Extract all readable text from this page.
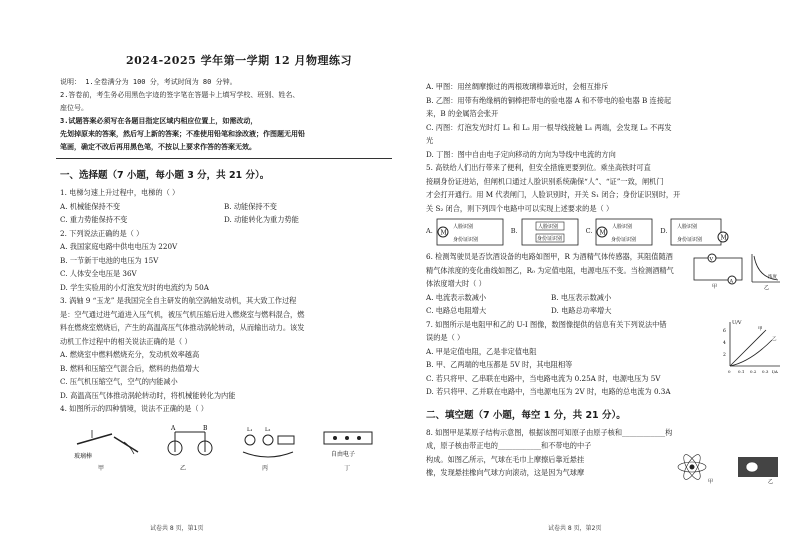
2024-2025 学年第一学期 12 月物理练习
说明： 1.全卷满分为 100 分，考试时间为 80 分钟。
2.答卷前，考生务必用黑色字迹的签字笔在答题卡上填写学校、班别、姓名、
座位号。
3.试题答案必须写在各题目指定区域内相应位置上，如需改动，
先划掉原来的答案，然后写上新的答案；不准使用铅笔和涂改液；作图题无用铅
笔画，确定不改后再用黑色笔，不按以上要求作答的答案无效。
一、选择题（7 小题，每小题 3 分，共 21 分）。
1. 电梯匀速上升过程中，电梯的（ ）
A. 机械能保持不变	B. 动能保持不变
C. 重力势能保持不变	D. 动能转化为重力势能
2. 下列说法正确的是（ ）
A. 我国家庭电路中供电电压为 220V
B. 一节新干电池的电压为 15V
C. 人体安全电压是 36V
D. 学生实验用的小灯泡发光时的电流约为 50A
3. 涡轴 9 “玉龙” 是我国完全自主研发的航空涡轴发动机，其大致工作过程
是：空气通过进气道进入压气机，被压气机压缩后进入燃烧室与燃料混合，燃
料在燃烧室燃烧后，产生的高温高压气体推动涡轮转动，从而输出动力。该发
动机工作过程中的相关说法正确的是（ ）
A. 燃烧室中燃料燃烧充分，发动机效率越高
B. 燃料和压缩空气混合后，燃料的热值增大
C. 压气机压缩空气，空气的内能减小
D. 高温高压气体推动涡轮转动时，将机械能转化为内能
4. 如图所示的四种情境，说法不正确的是（ ）
玻璃棒
A	B	L₁	L₂
自由电子
甲	乙	丙	丁
试卷共 8 页，第1页
A. 甲图：用丝绸摩擦过的两根玻璃棒靠近时，会相互排斥
B. 乙图：用带有绝缘柄的铜棒把带电的验电器 A 和不带电的验电器 B 连接起
来，B 的金属箔会张开
C. 丙图：灯泡发光时灯 L₁ 和 L₂ 用一根导线接触 L₁ 两端，会发现 L₂ 不再发
光
D. 丁图：图中自由电子定向移动的方向为导线中电流的方向
5. 高铁给人们出行带来了便利，但安全措施更要到位。乘坐高铁时可直
接刷身份证进站，但闸机口通过人脸识别系统确保“人”、“证”一致，闸机门
才会打开通行。用 M 代表闸门，人脸识别时，开关 S₁ 闭合；身份证识别时，开
关 S₂ 闭合，则下列四个电路中可以实现上述要求的是（ ）
A. M
人脸识别
身份证识别
B.
人脸识别
身份证识别
C. M
人脸识别
身份证识别
D.
人脸识别
身份证识别	M
V
A
甲
浓度
乙
6. 检测驾驶员是否饮酒设备的电路如图甲，R 为酒精气体传感器，其阻值随酒
精气体浓度的变化曲线如图乙，R₀ 为定值电阻，电源电压不变。当检测酒精气
体浓度增大时（ ）
A. 电流表示数减小	B. 电压表示数减小
C. 电路总电阻增大	D. 电路总功率增大
U/V
6
4
2
甲
乙
0 0.1 0.2 0.3 I/A
7. 如图所示是电阻甲和乙的 U-I 图像，数图像提供的信息有关下列说法中错
误的是（ ）
A. 甲是定值电阻，乙是非定值电阻
B. 甲、乙两端的电压都是 5V 时，其电阻相等
C. 若只将甲、乙串联在电路中，当电路电流为 0.25A 时，电源电压为 5V
D. 若只将甲、乙并联在电路中，当电源电压为 2V 时，电路的总电流为 0.3A
二、填空题（7 小题，每空 1 分，共 21 分）。
8. 如图甲是某原子结构示意图，根据该图可知原子由原子核和____________构
成，原子核由带正电的____________和不带电的中子
甲	乙
构成。如图乙所示，气球在毛巾上摩擦后靠近悬挂
橡，发现悬挂橡向气球方向滚动，这是因为气球摩
试卷共 8 页，第2页
